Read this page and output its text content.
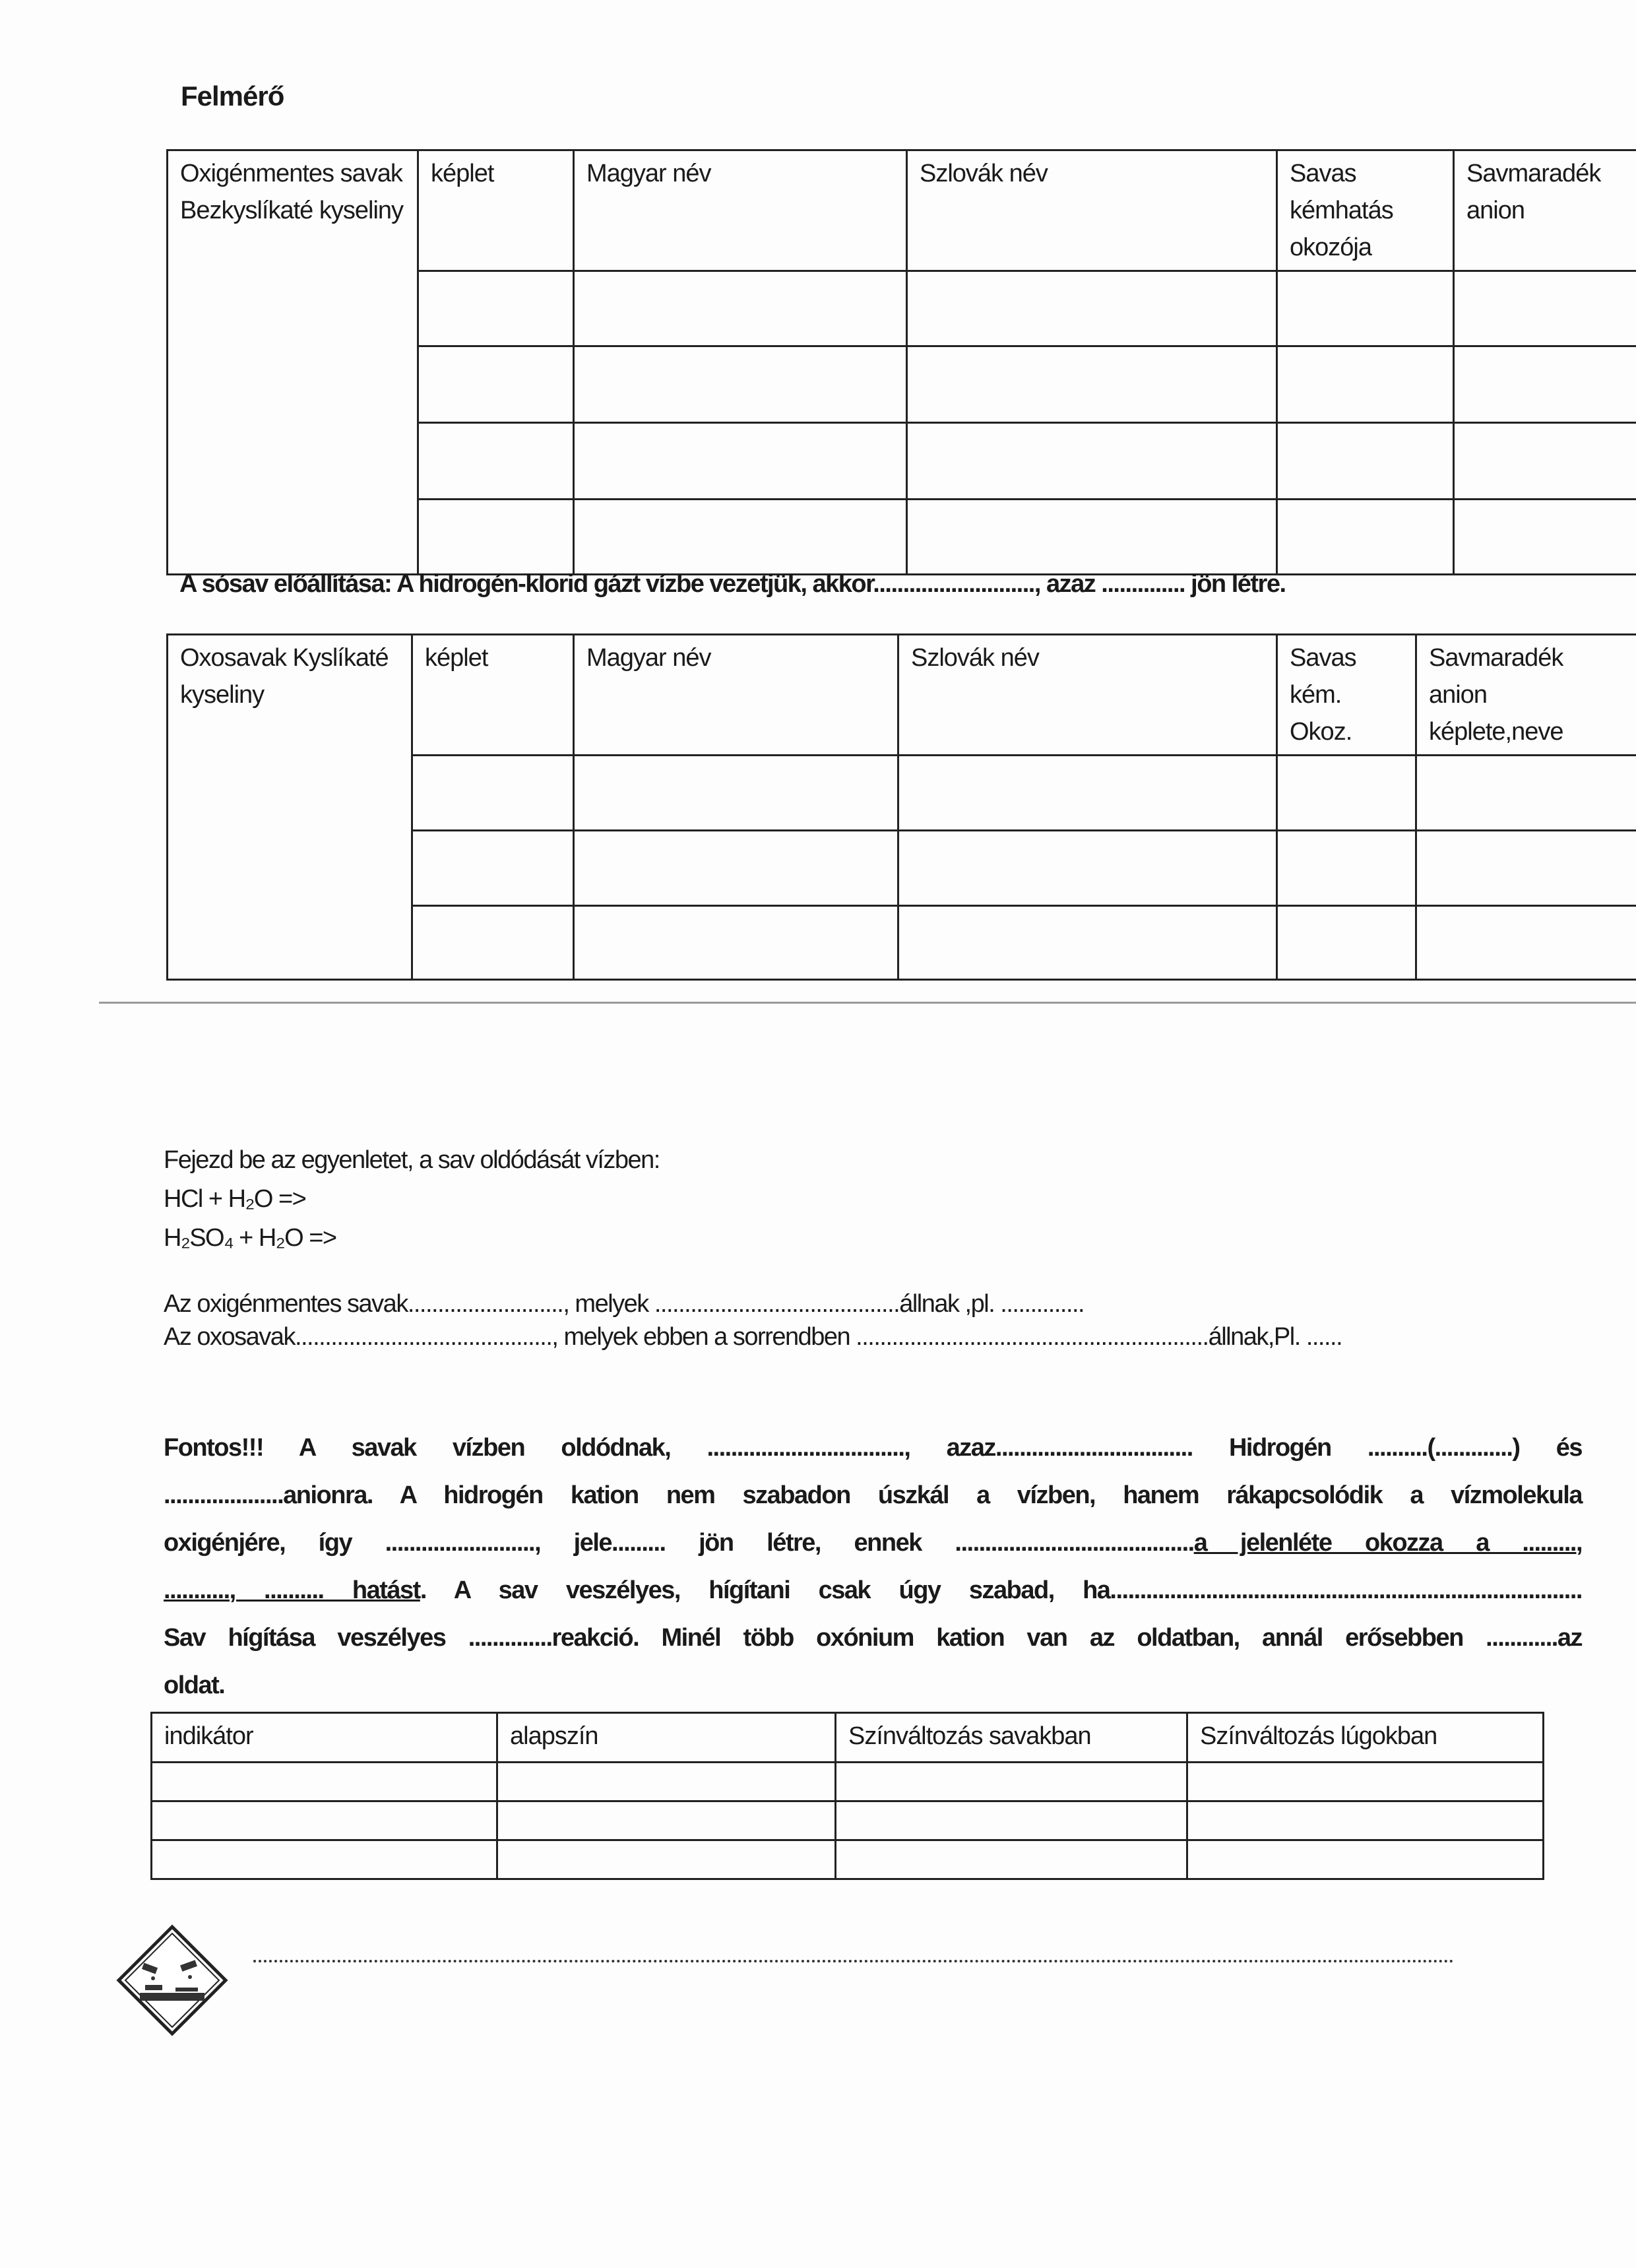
Felmérő
Oxigénmentes savak Bezkyslíkaté kyseliny	képlet	Magyar név	Szlovák név	Savas kémhatás okozója	Savmaradék anion

A sósav előállítása: A hidrogén-klorid gázt vízbe vezetjük, akkor..........................., azaz .............. jön létre.
Oxosavak Kyslíkaté kyseliny	képlet	Magyar név	Szlovák név	Savas kém. Okoz.	Savmaradék anion képlete,neve

Fejezd be az egyenletet, a sav oldódását vízben:
HCl + H₂O =>
H₂SO₄ + H₂O =>
Az oxigénmentes savak.........................., melyek .........................................állnak ,pl. ..............
Az oxosavak..........................................., melyek ebben a sorrendben ...........................................................állnak,Pl. ......
Fontos!!! A savak vízben oldódnak, ................................., azaz................................. Hidrogén ..........(.............) és
....................anionra. A hidrogén kation nem szabadon úszkál a vízben, hanem rákapcsolódik a vízmolekula
oxigénjére, így ........................., jele......... jön létre, ennek ........................................a jelenléte okozza a .........,
..........., .......... hatást. A sav veszélyes, hígítani csak úgy szabad, ha...............................................................................
Sav hígítása veszélyes ..............reakció. Minél több oxónium kation van az oldatban, annál erősebben ............az
oldat.
indikátor	alapszín	Színváltozás savakban	Színváltozás lúgokban
